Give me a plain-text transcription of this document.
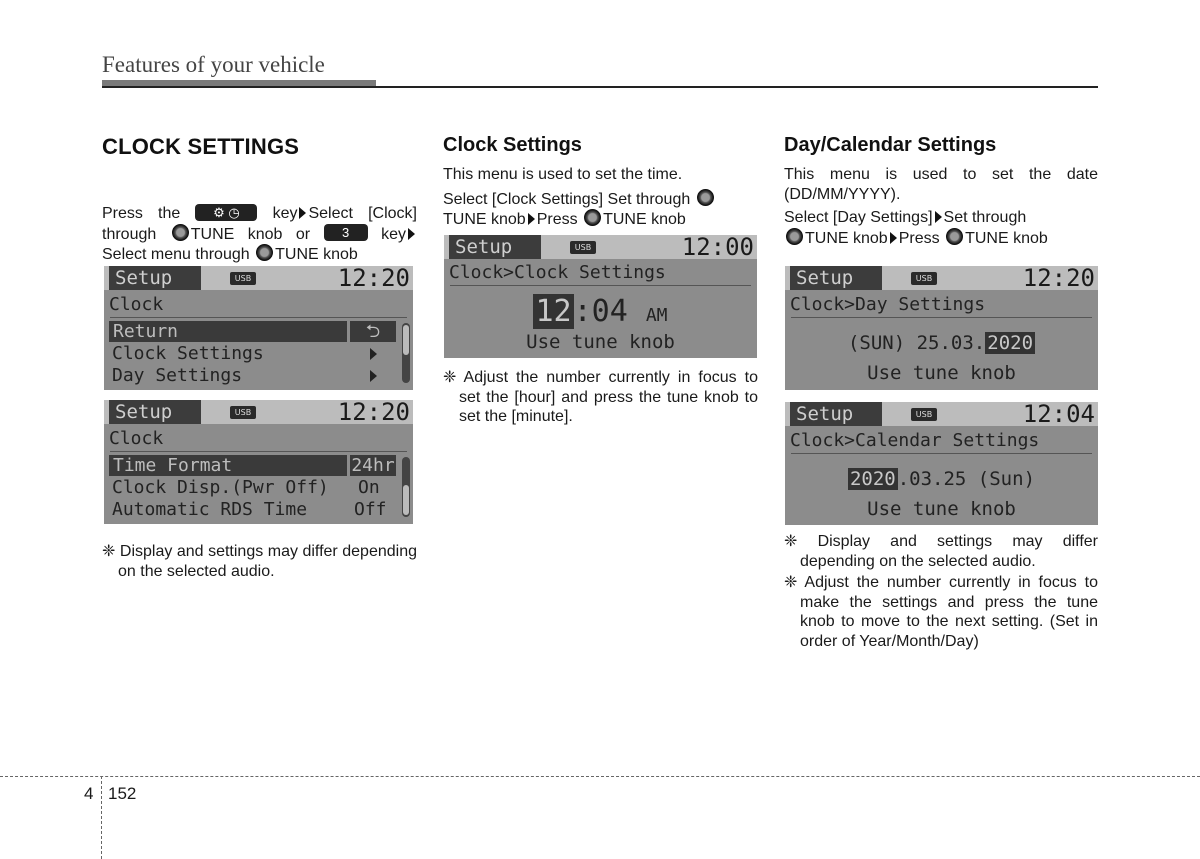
Features of your vehicle
CLOCK SETTINGS

Press the	⚙ ◷ key Select [Clock] through TUNE knob or 3 key Select menu through TUNE knob

Setup	USB	12:20
Clock
Return	⮌
Clock Settings
Day Settings
Setup	USB	12:20
Clock
Time Format	24hr
Clock Disp.(Pwr Off) On
Automatic RDS Time	Off
❈ Display and settings may differ depending on the selected audio.
Clock Settings

This menu is used to set the time.

Select [Clock Settings] Set through
TUNE knob Press TUNE knob

Setup	USB	12:00
Clock>Clock Settings
12:04 AM
Use tune knob
❈ Adjust the number currently in focus to set the [hour] and press the tune knob to set the [minute].
Day/Calendar Settings

This menu is used to set the date (DD/MM/YYYY).

Select [Day Settings] Set through
TUNE knob Press TUNE knob

Setup	USB	12:20
Clock>Day Settings
(SUN) 25.03. 2020
Use tune knob
Setup	USB	12:04
Clock>Calendar Settings
2020 .03.25 (Sun)
Use tune knob
❈ Display and settings may differ depending on the selected audio.
❈ Adjust the number currently in focus to make the settings and press the tune knob to move to the next setting. (Set in order of Year/Month/Day)
4 152
